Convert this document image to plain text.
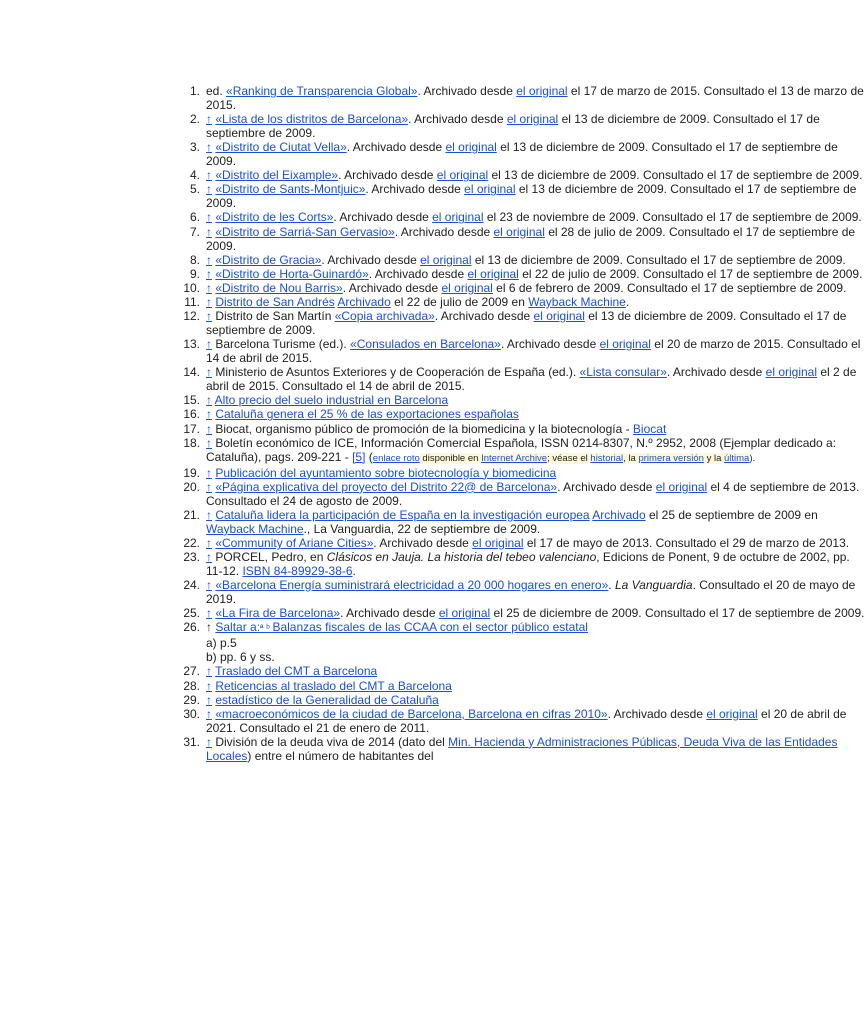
1. ed. «Ranking de Transparencia Global». Archivado desde el original el 17 de marzo de 2015. Consultado el 13 de marzo de 2015.

2. ↑ «Lista de los distritos de Barcelona». Archivado desde el original el 13 de diciembre de 2009. Consultado el 17 de septiembre de 2009.

3. ↑ «Distrito de Ciutat Vella». Archivado desde el original el 13 de diciembre de 2009. Consultado el 17 de septiembre de 2009.

4. ↑ «Distrito del Eixample». Archivado desde el original el 13 de diciembre de 2009. Consultado el 17 de septiembre de 2009.

5. ↑ «Distrito de Sants-Montjuic». Archivado desde el original el 13 de diciembre de 2009. Consultado el 17 de septiembre de 2009.

6. ↑ «Distrito de les Corts». Archivado desde el original el 23 de noviembre de 2009. Consultado el 17 de septiembre de 2009.

7. ↑ «Distrito de Sarriá-San Gervasio». Archivado desde el original el 28 de julio de 2009. Consultado el 17 de septiembre de 2009.

8. ↑ «Distrito de Gracia». Archivado desde el original el 13 de diciembre de 2009. Consultado el 17 de septiembre de 2009.

9. ↑ «Distrito de Horta-Guinardó». Archivado desde el original el 22 de julio de 2009. Consultado el 17 de septiembre de 2009.

10. ↑ «Distrito de Nou Barris». Archivado desde el original el 6 de febrero de 2009. Consultado el 17 de septiembre de 2009.

11. ↑ Distrito de San Andrés Archivado el 22 de julio de 2009 en Wayback Machine.

12. ↑ Distrito de San Martín «Copia archivada». Archivado desde el original el 13 de diciembre de 2009. Consultado el 17 de septiembre de 2009.

13. ↑ Barcelona Turisme (ed.). «Consulados en Barcelona». Archivado desde el original el 20 de marzo de 2015. Consultado el 14 de abril de 2015.

14. ↑ Ministerio de Asuntos Exteriores y de Cooperación de España (ed.). «Lista consular». Archivado desde el original el 2 de abril de 2015. Consultado el 14 de abril de 2015.

15. ↑ Alto precio del suelo industrial en Barcelona

16. ↑ Cataluña genera el 25 % de las exportaciones españolas

17. ↑ Biocat, organismo público de promoción de la biomedicina y la biotecnología - Biocat

18. ↑ Boletín económico de ICE, Información Comercial Española, ISSN 0214-8307, N.º 2952, 2008 (Ejemplar dedicado a: Cataluña), pags. 209-221 - [5] (enlace roto disponible en Internet Archive; véase el historial, la primera versión y la última).

19. ↑ Publicación del ayuntamiento sobre biotecnología y biomedicina

20. ↑ «Página explicativa del proyecto del Distrito 22@ de Barcelona». Archivado desde el original el 4 de septiembre de 2013. Consultado el 24 de agosto de 2009.

21. ↑ Cataluña lidera la participación de España en la investigación europea Archivado el 25 de septiembre de 2009 en Wayback Machine., La Vanguardia, 22 de septiembre de 2009.

22. ↑ «Community of Ariane Cities». Archivado desde el original el 17 de mayo de 2013. Consultado el 29 de marzo de 2013.

23. ↑ PORCEL, Pedro, en Clásicos en Jauja. La historia del tebeo valenciano, Edicions de Ponent, 9 de octubre de 2002, pp. 11-12. ISBN 84-89929-38-6.

24. ↑ «Barcelona Energía suministrará electricidad a 20 000 hogares en enero». La Vanguardia. Consultado el 20 de mayo de 2019.

25. ↑ «La Fira de Barcelona». Archivado desde el original el 25 de diciembre de 2009. Consultado el 17 de septiembre de 2009.

26. ↑ Saltar a:ª ᵇ Balanzas fiscales de las CCAA con el sector público estatal

a) p.5
b) pp. 6 y ss.
27. ↑ Traslado del CMT a Barcelona

28. ↑ Reticencias al traslado del CMT a Barcelona

29. ↑ estadístico de la Generalidad de Cataluña

30. ↑ «macroeconómicos de la ciudad de Barcelona, Barcelona en cifras 2010». Archivado desde el original el 20 de abril de 2021. Consultado el 21 de enero de 2011.

31. ↑ División de la deuda viva de 2014 (dato del Min. Hacienda y Administraciones Públicas, Deuda Viva de las Entidades Locales) entre el número de habitantes del
